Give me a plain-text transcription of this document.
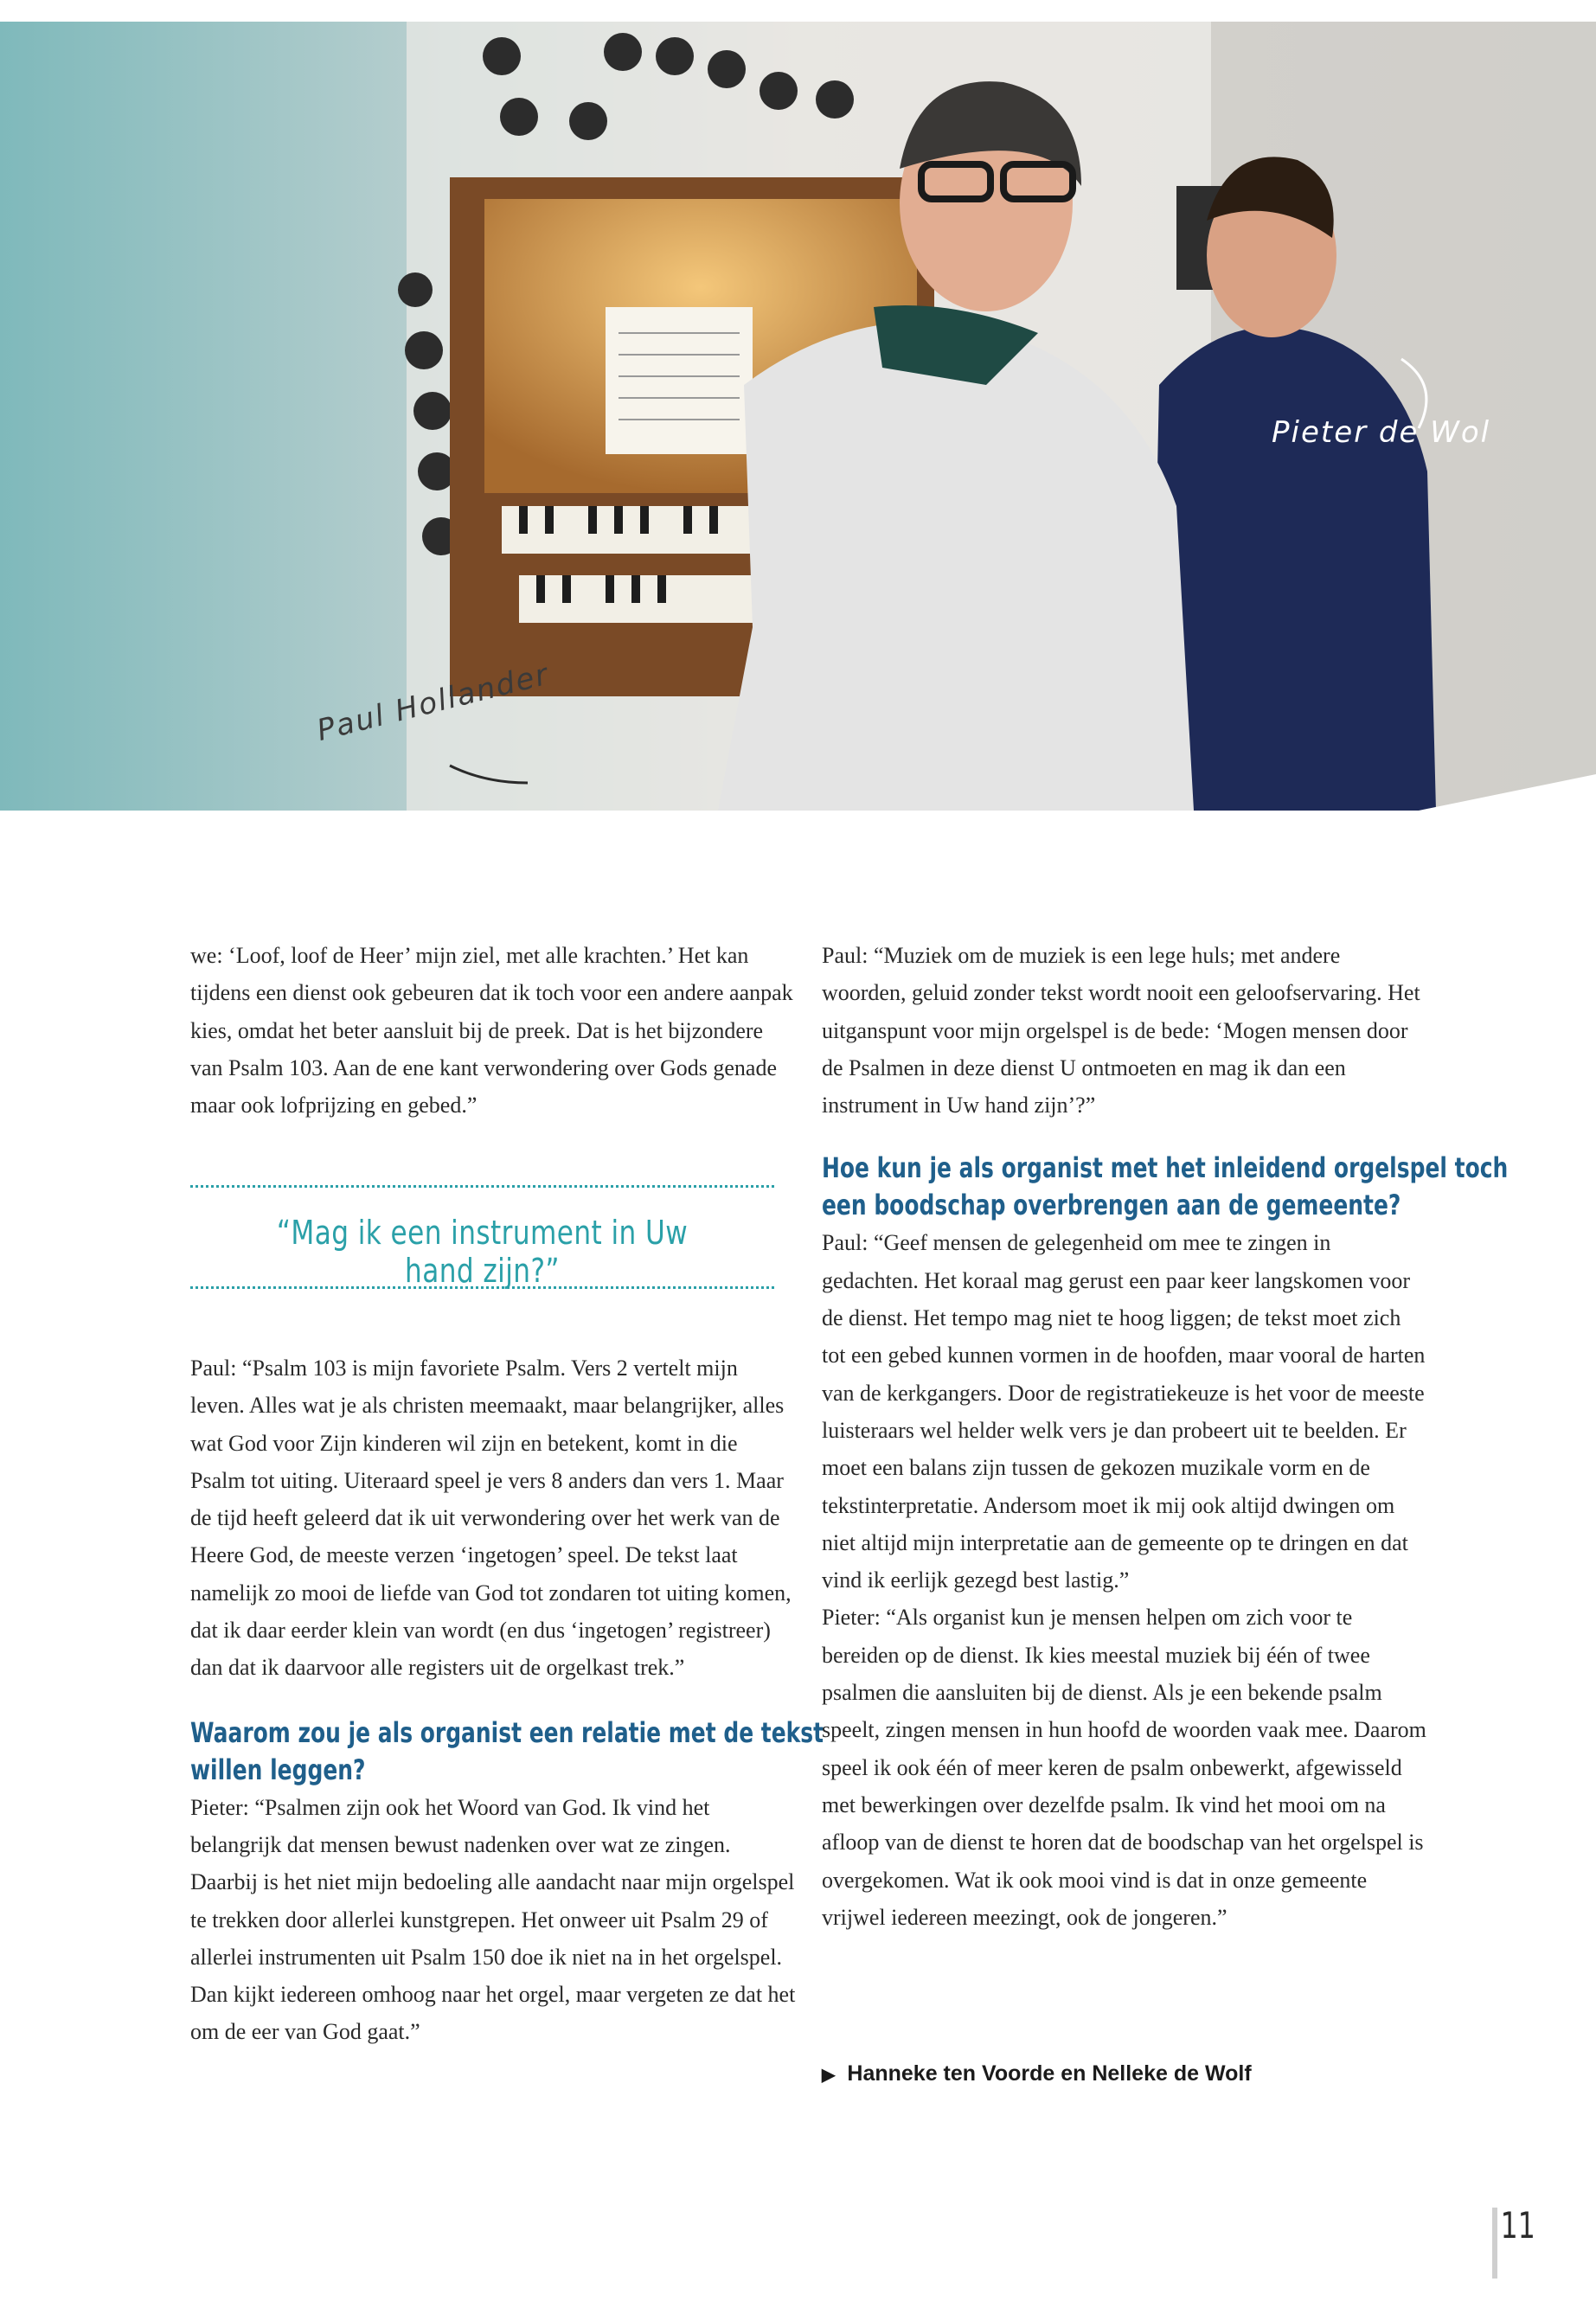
Pieter de Wol
Paul Hollander

we: ‘Loof, loof de Heer’ mijn ziel, met alle krachten.’ Het kan tijdens een dienst ook gebeuren dat ik toch voor een andere aanpak kies, omdat het beter aansluit bij de preek. Dat is het bijzondere van Psalm 103. Aan de ene kant verwondering over Gods genade maar ook lofprijzing en gebed.”

“Mag ik een instrument in Uw hand zijn?”

Paul: “Psalm 103 is mijn favoriete Psalm. Vers 2 vertelt mijn leven. Alles wat je als christen meemaakt, maar belangrijker, alles wat God voor Zijn kinderen wil zijn en betekent, komt in die Psalm tot uiting. Uiteraard speel je vers 8 anders dan vers 1. Maar de tijd heeft geleerd dat ik uit verwondering over het werk van de Heere God, de meeste verzen ‘ingetogen’ speel. De tekst laat namelijk zo mooi de liefde van God tot zondaren tot uiting komen, dat ik daar eerder klein van wordt (en dus ‘ingetogen’ registreer) dan dat ik daarvoor alle registers uit de orgelkast trek.”

Waarom zou je als organist een relatie met de tekst

willen leggen?

Pieter: “Psalmen zijn ook het Woord van God. Ik vind het belangrijk dat mensen bewust nadenken over wat ze zingen. Daarbij is het niet mijn bedoeling alle aandacht naar mijn orgelspel te trekken door allerlei kunstgrepen. Het onweer uit Psalm 29 of allerlei instrumenten uit Psalm 150 doe ik niet na in het orgelspel. Dan kijkt iedereen omhoog naar het orgel, maar vergeten ze dat het om de eer van God gaat.”

Paul: “Muziek om de muziek is een lege huls; met andere woorden, geluid zonder tekst wordt nooit een geloofservaring. Het uitganspunt voor mijn orgelspel is de bede: ‘Mogen mensen door de Psalmen in deze dienst U ontmoeten en mag ik dan een instrument in Uw hand zijn’?”

Hoe kun je als organist met het inleidend orgelspel toch

een boodschap overbrengen aan de gemeente?

Paul: “Geef mensen de gelegenheid om mee te zingen in gedachten. Het koraal mag gerust een paar keer langskomen voor de dienst. Het tempo mag niet te hoog liggen; de tekst moet zich tot een gebed kunnen vormen in de hoofden, maar vooral de harten van de kerkgangers. Door de registratiekeuze is het voor de meeste luisteraars wel helder welk vers je dan probeert uit te beelden. Er moet een balans zijn tussen de gekozen muzikale vorm en de tekstinterpretatie. Andersom moet ik mij ook altijd dwingen om niet altijd mijn interpretatie aan de gemeente op te dringen en dat vind ik eerlijk gezegd best lastig.”

Pieter: “Als organist kun je mensen helpen om zich voor te bereiden op de dienst. Ik kies meestal muziek bij één of twee psalmen die aansluiten bij de dienst. Als je een bekende psalm speelt, zingen mensen in hun hoofd de woorden vaak mee. Daarom speel ik ook één of meer keren de psalm onbewerkt, afgewisseld met bewerkingen over dezelfde psalm. Ik vind het mooi om na afloop van de dienst te horen dat de boodschap van het orgelspel is overgekomen. Wat ik ook mooi vind is dat in onze gemeente vrijwel iedereen meezingt, ook de jongeren.”

▶ Hanneke ten Voorde en Nelleke de Wolf
11
